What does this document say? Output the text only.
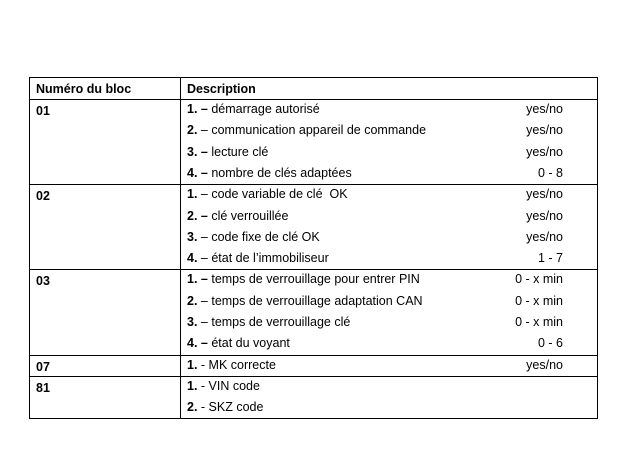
Numéro du bloc	Description
01	1. – démarrage autorisé	yes/no
2. – communication appareil de commande	yes/no
3. – lecture clé	yes/no
4. – nombre de clés adaptées	0 - 8
02	1. – code variable de clé  OK	yes/no
2. – clé verrouillée	yes/no
3. – code fixe de clé OK	yes/no
4. – état de l’immobiliseur	1 - 7
03	1. – temps de verrouillage pour entrer PIN	0 - x min
2. – temps de verrouillage adaptation CAN	0 - x min
3. – temps de verrouillage clé	0 - x min
4. – état du voyant	0 - 6
07	1. - MK correcte	yes/no
81	1. - VIN code
2. - SKZ code
